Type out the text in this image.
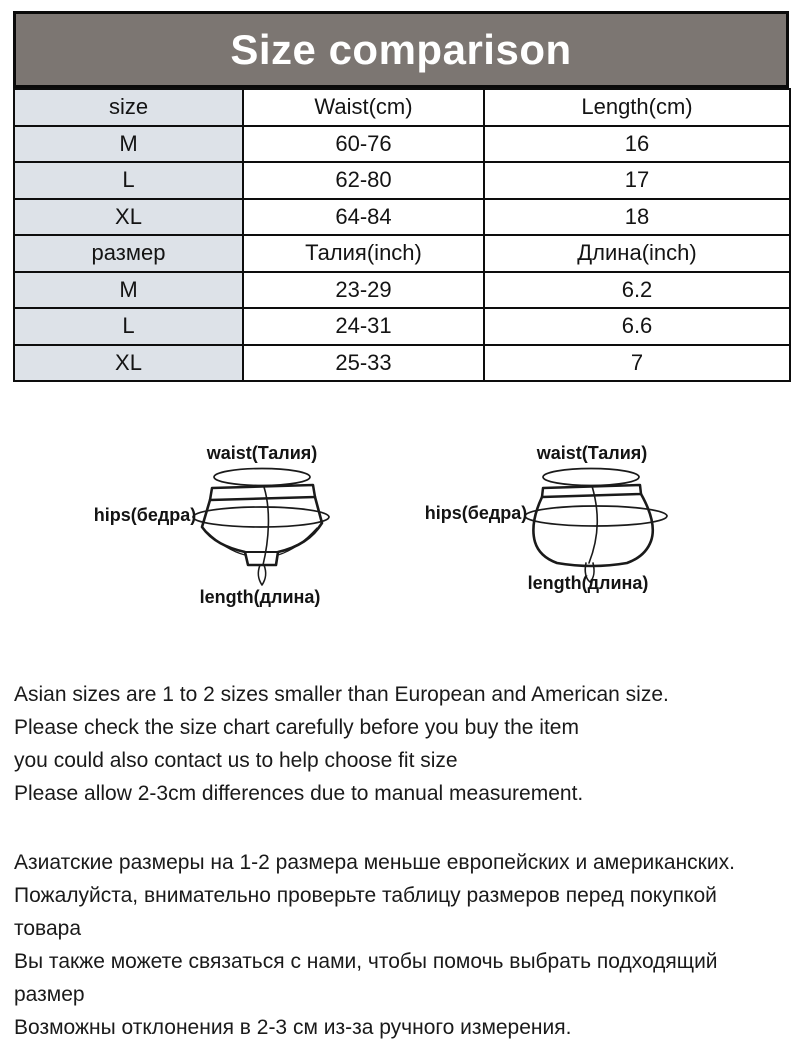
Size comparison
size	Waist(cm)	Length(cm)
M	60-76	16
L	62-80	17
XL	64-84	18
размер	Талия(inch)	Длина(inch)
M	23-29	6.2
L	24-31	6.6
XL	25-33	7
waist(Талия)
hips(бедра)
length(длина)
waist(Талия)
hips(бедра)
length(длина)
Asian sizes are 1 to 2 sizes smaller than European and American size.
Please check the size chart carefully before you buy the item
you could also contact us to help choose fit size
Please allow 2-3cm differences due to manual measurement.
Азиатские размеры на 1-2 размера меньше европейских и американских.
Пожалуйста, внимательно проверьте таблицу размеров перед покупкой
товара
Вы также можете связаться с нами, чтобы помочь выбрать подходящий
размер
Возможны отклонения в 2-3 см из-за ручного измерения.
